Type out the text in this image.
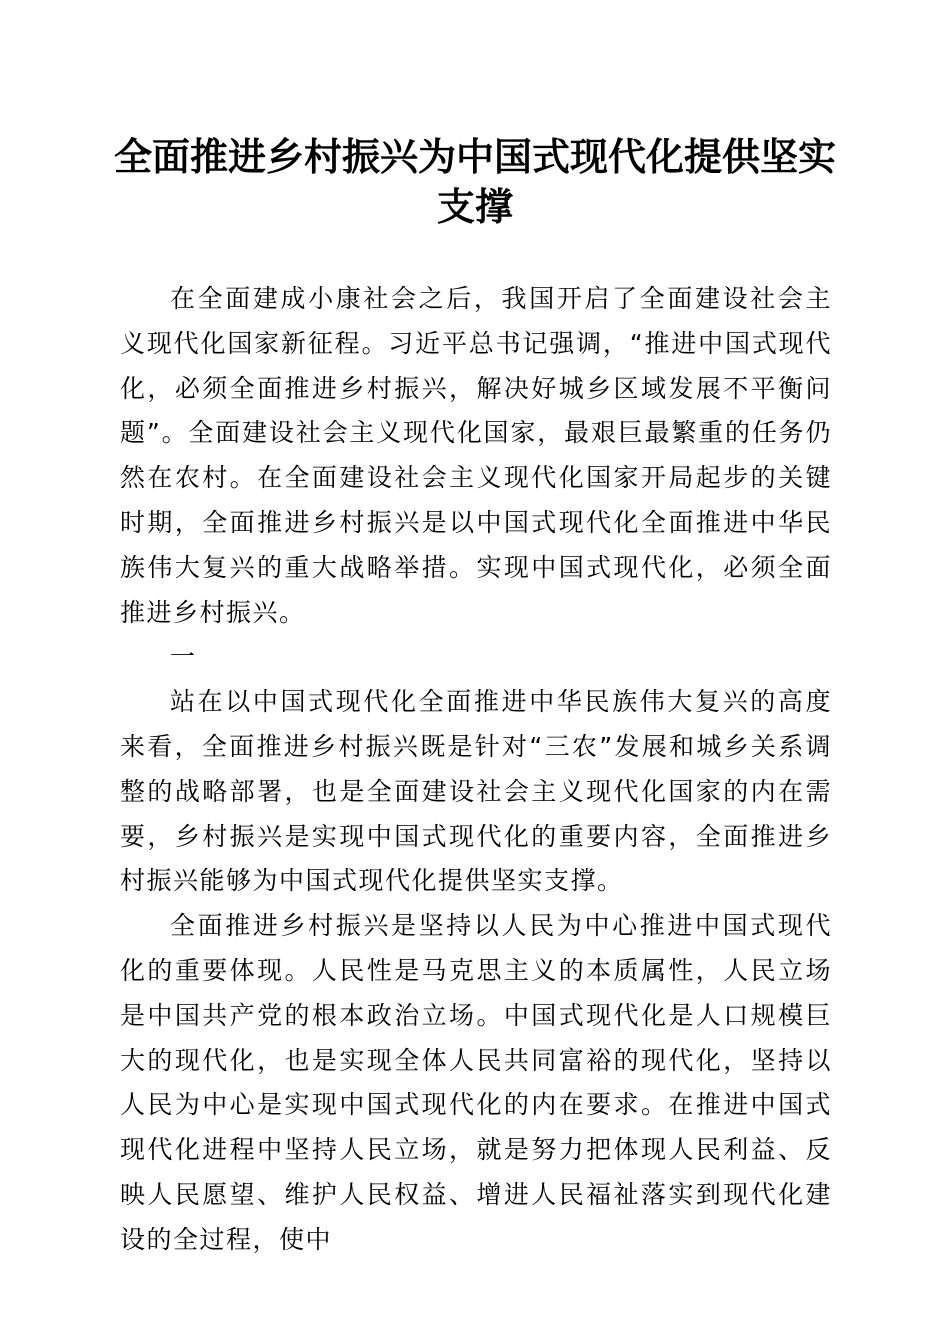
全面推进乡村振兴为中国式现代化提供坚实支撑

在全面建成小康社会之后，我国开启了全面建设社会主义现代化国家新征程。习近平总书记强调，“推进中国式现代化，必须全面推进乡村振兴，解决好城乡区域发展不平衡问题”。全面建设社会主义现代化国家，最艰巨最繁重的任务仍然在农村。在全面建设社会主义现代化国家开局起步的关键时期，全面推进乡村振兴是以中国式现代化全面推进中华民族伟大复兴的重大战略举措。实现中国式现代化，必须全面推进乡村振兴。

一

站在以中国式现代化全面推进中华民族伟大复兴的高度来看，全面推进乡村振兴既是针对“三农”发展和城乡关系调整的战略部署，也是全面建设社会主义现代化国家的内在需要，乡村振兴是实现中国式现代化的重要内容，全面推进乡村振兴能够为中国式现代化提供坚实支撑。

全面推进乡村振兴是坚持以人民为中心推进中国式现代化的重要体现。人民性是马克思主义的本质属性，人民立场是中国共产党的根本政治立场。中国式现代化是人口规模巨大的现代化，也是实现全体人民共同富裕的现代化，坚持以人民为中心是实现中国式现代化的内在要求。在推进中国式现代化进程中坚持人民立场，就是努力把体现人民利益、反映人民愿望、维护人民权益、增进人民福祉落实到现代化建设的全过程，使中
